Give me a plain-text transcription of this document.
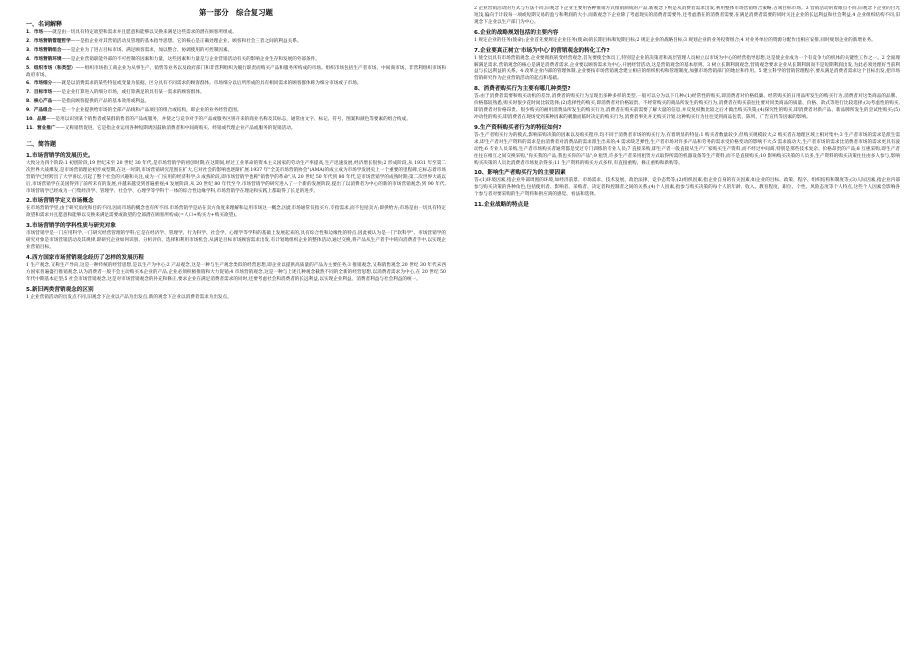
第一部分　综合复习题
一、名词解释
1．市场——就是由一切具有特定欲望和需求并且愿意和能够以交换来满足这些需求的潜在顾客所组成。
2．市场营销管理哲学——是指企业对其营销活动及管理的基本指导思想。它的核心是正确处理企业、顾客和社会三者之间的利益关系。
3．市场营销组合——是企业为了进占目标市场、满足顾客需求，加以整合、协调使用的可控制因素。
4．市场营销环境——是企业营销职能外部的不可控制的因素和力量，这些因素和力量是与企业营销活动有关的影响企业生存和发展的外部条件。
5．组织市场（和类型）——组织市场指工商企业为从事生产、销售等业务以及政府部门和非营利组织为履行职责而购买产品和服务所构成的市场。组织市场包括生产者市场、中间商市场、非营利组织市场和政府市场。
6．市场细分——就是以消费需求的某些特征或变量为依据，区分具有不同需求的顾客群体。市场细分以后所形成的具有相同需求的顾客群体称为细分市场或子市场。
7．目标市场——是企业打算进入的细分市场，或打算满足的具有某一需求的顾客群体。
8．核心产品——是指向顾客提供的产品的基本效用或利益。
9．产品组合——是一个企业提供给市场的全部产品线和产品项目的组合或结构，即企业的业务经营范围。
10．品牌——是用以识别某个销售者或某群销售者的产品或服务，并使之与竞争对手的产品或服务区别开来的商业名称及其标志，通常由文字、标记、符号、图案和颜色等要素的组合构成。
11．营业推广——又称销售促进，它是指企业运用各种短期诱因鼓励消费者和中间商购买、经销或代理企业产品或服务的促销活动。
二、简答题
1.市场营销学的发展历史。
大致分为四个阶段:1 初创阶段,19 世纪末至 20 世纪 30 年代,是市场营销学的初创时期;在这期间,经过工业革命的资本主义国家的劳动生产率提高,生产迅速发展,经济增长很快;2 形成阶段,从 1931 年至第二次世界大战爆发,是市场营销理论初步成型期,在这一时期,市场营销研究范围在扩大,它对社会的影响也逐渐扩展.1937 年"全美市场营销协会"(AMA)的成立成为市场学发展史上一个重要的里程碑,它标志着市场营销学已经跨出了大学讲坛,引起了整个社会的兴趣和关注,成为一门实用的经济科学;3 成熟阶段,即市场营销学也称"销售学的革命",从 20 世纪 50 年代到 80 年代,是市场营销学的成熟时期;第二次世界大战以后,市场营销学在美国得到了前所未有的发展,并越来越受到普遍重视;4 发展阶段,从 20 世纪 80 年代至今,市场营销学的研究进入了一个新的发展阶段,提出了以消费者为中心的新的市场营销观念;到 90 年代,市场营销学已经成为一门集经济学、管理学、社会学、心理学等学科于一体的综合性边缘学科,市场营销学在理论和实践上都取得了长足的进步。
2.市场营销学定义市场概念
在市场营销学里,由于研究角度和目的不同,因而市场的概念也有所不同.市场营销学是站在卖方角度来理解和运用市场这一概念,因此市场通常仅指买方,专指需求,而不包括卖方;即供给方;市场是由一切具有特定欲望和需求并且愿意和能够以交换来满足需要或欲望的全部潜在顾客所构成(=人口+购买力+购买欲望)。
3.市场营销学的学科性质与研究对象
市场营销学是一门应用科学,一门研究经营管理的学科;它是在经济学、管理学、行为科学、社会学、心理学等学科的基础上发展起来的,具有综合性和边缘性的特点,因此被认为是一门"软科学"。市场营销学的研究对象是市场营销活动及其规律,即研究企业如何识别、分析评价、选择和利用市场机会,从满足目标市场顾客需求出发,有计划地组织企业的整体活动,通过交换,将产品从生产者手中转向消费者手中,以实现企业营销目标。
4.西方国家市场营销观念经历了怎样的发展历程
1 生产观念,又称生产导向,这是一种传统的经营思想,是以生产为中心;2 产品观念,这是一种与生产观念类似的经营思想,即企业以提供高质量的产品为主要任务;3 推销观念,又称销售观念,20 世纪 30 年代末西方国家普遍盛行推销观念,认为消费者一般不会主动购买本企业的产品,企业必须积极推销和大力促销;4 市场营销观念,这是一种与上述几种观念截然不同的全新的经营思想,以消费者需求为中心,在 20 世纪 50 年代中期基本定型;5 社会市场营销观念,这是对市场营销观念的补充和修正,要求企业在满足消费者需求的同时,还要考虑社会和消费者的长远利益,以实现企业利益、消费者利益与社会利益的统一。
5.新旧两类营销观念的区别
1 企业营销活动的出发点不同,旧观念下企业以产品为出发点,新的观念下企业以消费者需求为出发点。
2 企业营销活动的方式与方法不同,旧观念下企业主要用各种推销方式推销制成的产品,新观念下则是从消费者需求出发,利用整体市场营销组合策略,占领目标市场。3 营销活动的着眼点不同,旧观念下企业的目光短浅,偏向于计较每一项或短期交易的盈亏和利润的大小,而新观念下企业除了考虑现实的消费者需要外,还考虑潜在的消费者需要,在满足消费者需要的同时关注企业的长远利益和社会利益,4 企业组织结构不同,旧观念下企业以生产部门为中心。
6.企业的战略规划包括的主要内容
1 规定企业的任务(使命);企业首先要规定企业任务(使命)的长期目标和短期目标;2 规定企业的战略目标;3 规划企业的业务投资组合;4 对业务单位的资源分配作出相应安排,同时规划企业的新增业务。
7.企业要真正树立'市场为中心'的营销观念的转化工作?
1 使全员具有市场营销观念,企业要彻底转变经营观念,首先要使全体员工,特别是企业的决策者和高层管理人员树立以市场为中心的经营指导思想,这是使企业成为一个有竞争力的机体的关键性工作之一。2 全面理解满足需求,营销观念的核心是满足消费者需求,企业要以顾客需求为中心,开展经营活动,这是营销观念的基本原则。3 树立长期利润观念,营销观念要求企业从长期利润而不是短期利润出发,为此必须处理好当前利益与长远利益的关系。4 改革企业内部的管理体制,企业要按市场营销观念建立相应的组织机构和管理制度,加强市场营销部门的地位和作用。5 建立科学的营销管理程序,要从满足消费者需求这个目标出发,把市场营销研究作为企业营销活动的起点和基础。
8、消费者购买行为主要有哪几种类型?
答:由于消费者需要和购买动机的差异,消费者的购买行为呈现出多种多样的类型,一般可以分为以下几种:(1)经常性的购买,即消费者对价格低廉、经常购买的日用品所发生的购买行为,消费者对这类商品的品牌、价格都较熟悉,购买时很少花时间比较选择;(2)选择性的购买,即消费者对价格较贵、不经常购买的商品所发生的购买行为,消费者在购买前往往要对同类商品的质量、价格、款式等进行比较选择;(3)考虑性的购买,即消费者对价格昂贵、很少购买的耐用消费品所发生的购买行为,消费者在购买前需要了解大量的信息,并反复权衡比较之后才做出购买决策;(4)探究性的购买,即消费者对新产品、新品牌所发生的尝试性购买;(5)冲动性的购买,即消费者在现场受到某种因素的刺激而临时决定的购买行为,消费者事先并无购买计划,这种购买行为往往受到商品包装、陈列、广告宣传等因素的影响。
9.生产资料购买者行为的特征如何?
答:生产者购买行为的模式,影响采购决策的因素以及购买程序,均不同于消费者市场的购买行为,有着明显的特征:1 购买者数量较少,但购买规模较大;2 购买者在地理区域上相对集中;3 生产者市场的需求是派生需求,即生产者对生产资料的需求是由消费者对消费品的需求派生出来的;4 需求缺乏弹性,生产者市场对许多产品和劳务的需求受价格变动的影响不大;5 需求波动大,生产者市场的需求比消费者市场的需求更具有波动性;6 专业人员采购,生产者市场购买者通常都是受过专门训练的专业人员;7 直接采购,即生产者一般直接从生产厂家购买生产资料,而不经过中间商,特别是那些技术复杂、价格昂贵的产品;8 互惠采购,即生产者往往在相互之间交换采购,"你买我的产品,我也买你的产品";9 租赁,许多生产者采用租赁方式取得所需的机器设备等生产资料,而不是直接购买;10 影响购买决策的人员多,生产资料的购买决策往往由多人参与,影响购买决策的人员比消费者市场复杂得多;11 生产资料的购买方式多样,有直接重购、修正重购和新购等。
10、影响生产者购买行为的主要因素
答:(1)环境因素,指企业外部周围的环境,如经济前景、市场需求、技术发展、政治法律、竞争态势等;(2)组织因素,指企业自身的有关因素,如企业的目标、政策、程序、组织结构和制度等;(3)人际因素,指企业内部参与购买决策的各种角色,包括使用者、影响者、采购者、决定者和控制者之间的关系;(4)个人因素,指参与购买决策的每个人的年龄、收入、教育程度、职位、个性、风险态度等个人特点,这些个人因素会影响各个参与者对要采购的生产资料和供应商的感觉、看法和选择。
11.企业战略的特点是
